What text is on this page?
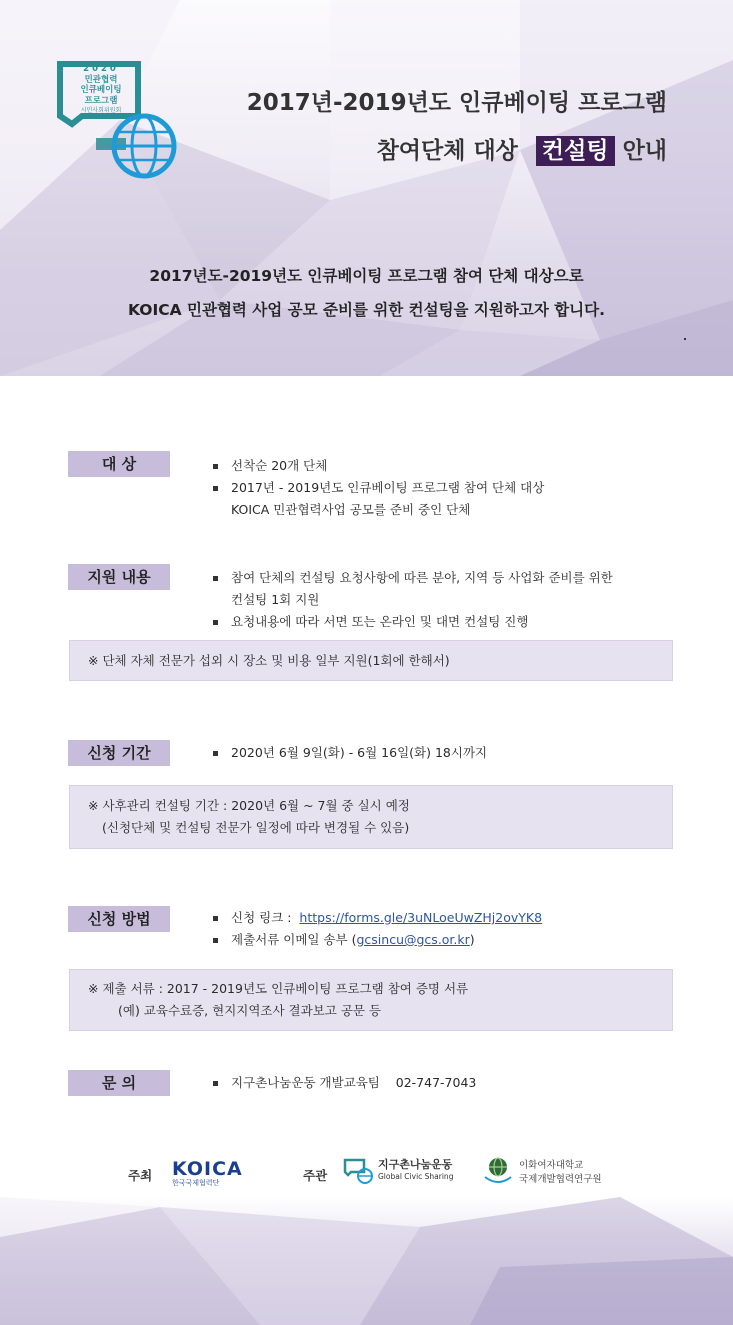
2020
민관협력
인큐베이팅
프로그램
시민사회위원회	2017년-2019년도 인큐베이팅 프로그램
참여단체 대상 컨설팅 안내
2017년도-2019년도 인큐베이팅 프로그램 참여 단체 대상으로
KOICA 민관협력 사업 공모 준비를 위한 컨설팅을 지원하고자 합니다.
대 상	선착순 20개 단체
2017년 - 2019년도 인큐베이팅 프로그램 참여 단체 대상
KOICA 민관협력사업 공모를 준비 중인 단체
지원 내용	참여 단체의 컨설팅 요청사항에 따른 분야, 지역 등 사업화 준비를 위한
컨설팅 1회 지원
요청내용에 따라 서면 또는 온라인 및 대면 컨설팅 진행
※ 단체 자체 전문가 섭외 시 장소 및 비용 일부 지원(1회에 한해서)
신청 기간	2020년 6월 9일(화) - 6월 16일(화) 18시까지
※ 사후관리 컨설팅 기간 : 2020년 6월 ~ 7월 중 실시 예정
(신청단체 및 컨설팅 전문가 일정에 따라 변경될 수 있음)
신청 방법	신청 링크 : https://forms.gle/3uNLoeUwZHj2ovYK8
제출서류 이메일 송부 (gcsincu@gcs.or.kr)
※ 제출 서류 : 2017 - 2019년도 인큐베이팅 프로그램 참여 증명 서류
(예) 교육수료증, 현지지역조사 결과보고 공문 등
문 의	지구촌나눔운동 개발교육팀    02-747-7043
주최 KOICA
한국국제협력단	주관
지구촌나눔운동
Global Civic Sharing
이화여자대학교
국제개발협력연구원
